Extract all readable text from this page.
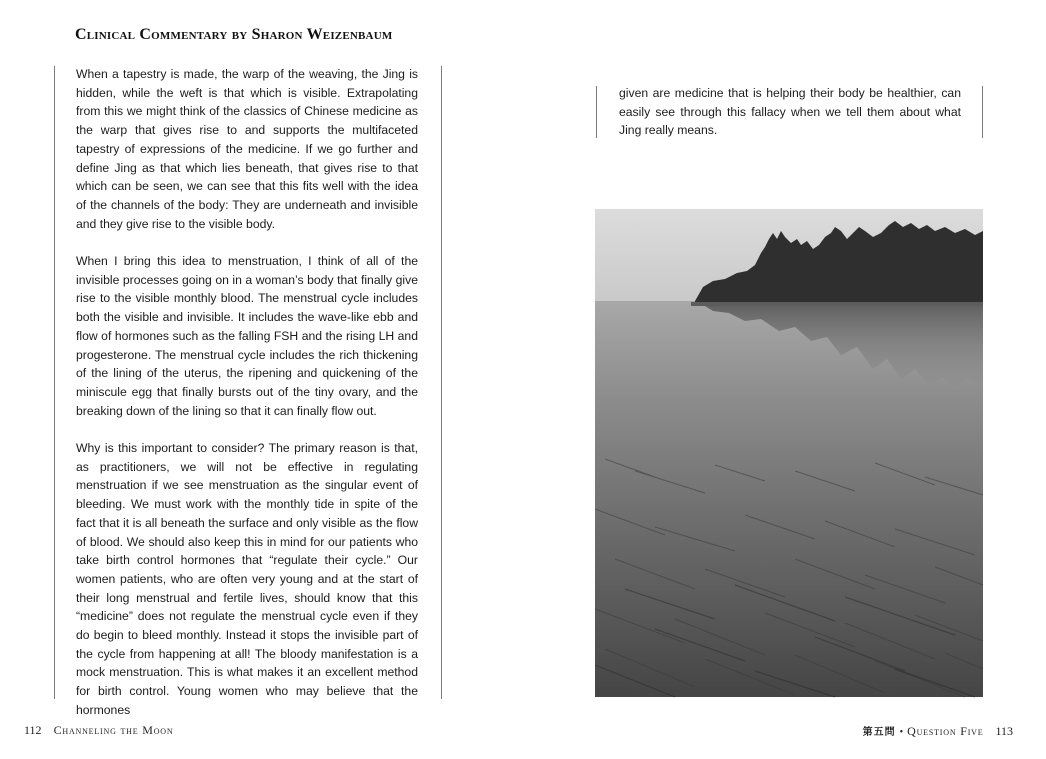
Clinical Commentary by Sharon Weizenbaum

When a tapestry is made, the warp of the weaving, the Jing is hidden, while the weft is that which is visible. Extrapolating from this we might think of the classics of Chinese medicine as the warp that gives rise to and supports the multifaceted tapestry of expressions of the medicine. If we go further and define Jing as that which lies beneath, that gives rise to that which can be seen, we can see that this fits well with the idea of the channels of the body: They are underneath and invisible and they give rise to the visible body.

When I bring this idea to menstruation, I think of all of the invisible processes going on in a woman’s body that finally give rise to the visible monthly blood. The menstrual cycle includes both the visible and invisible. It includes the wave-like ebb and flow of hormones such as the falling FSH and the rising LH and progesterone. The menstrual cycle includes the rich thickening of the lining of the uterus, the ripening and quickening of the miniscule egg that finally bursts out of the tiny ovary, and the breaking down of the lining so that it can finally flow out.

Why is this important to consider? The primary reason is that, as practitioners, we will not be effective in regulating menstruation if we see menstruation as the singular event of bleeding. We must work with the monthly tide in spite of the fact that it is all beneath the surface and only visible as the flow of blood. We should also keep this in mind for our patients who take birth control hormones that “regulate their cycle.” Our women patients, who are often very young and at the start of their long menstrual and fertile lives, should know that this “medicine” does not regulate the menstrual cycle even if they do begin to bleed monthly. Instead it stops the invisible part of the cycle from happening at all! The bloody manifestation is a mock menstruation. This is what makes it an excellent method for birth control. Young women who may believe that the hormones

given are medicine that is helping their body be healthier, can easily see through this fallacy when we tell them about what Jing really means.

112 Channeling the Moon	第五問 • Question Five 113
